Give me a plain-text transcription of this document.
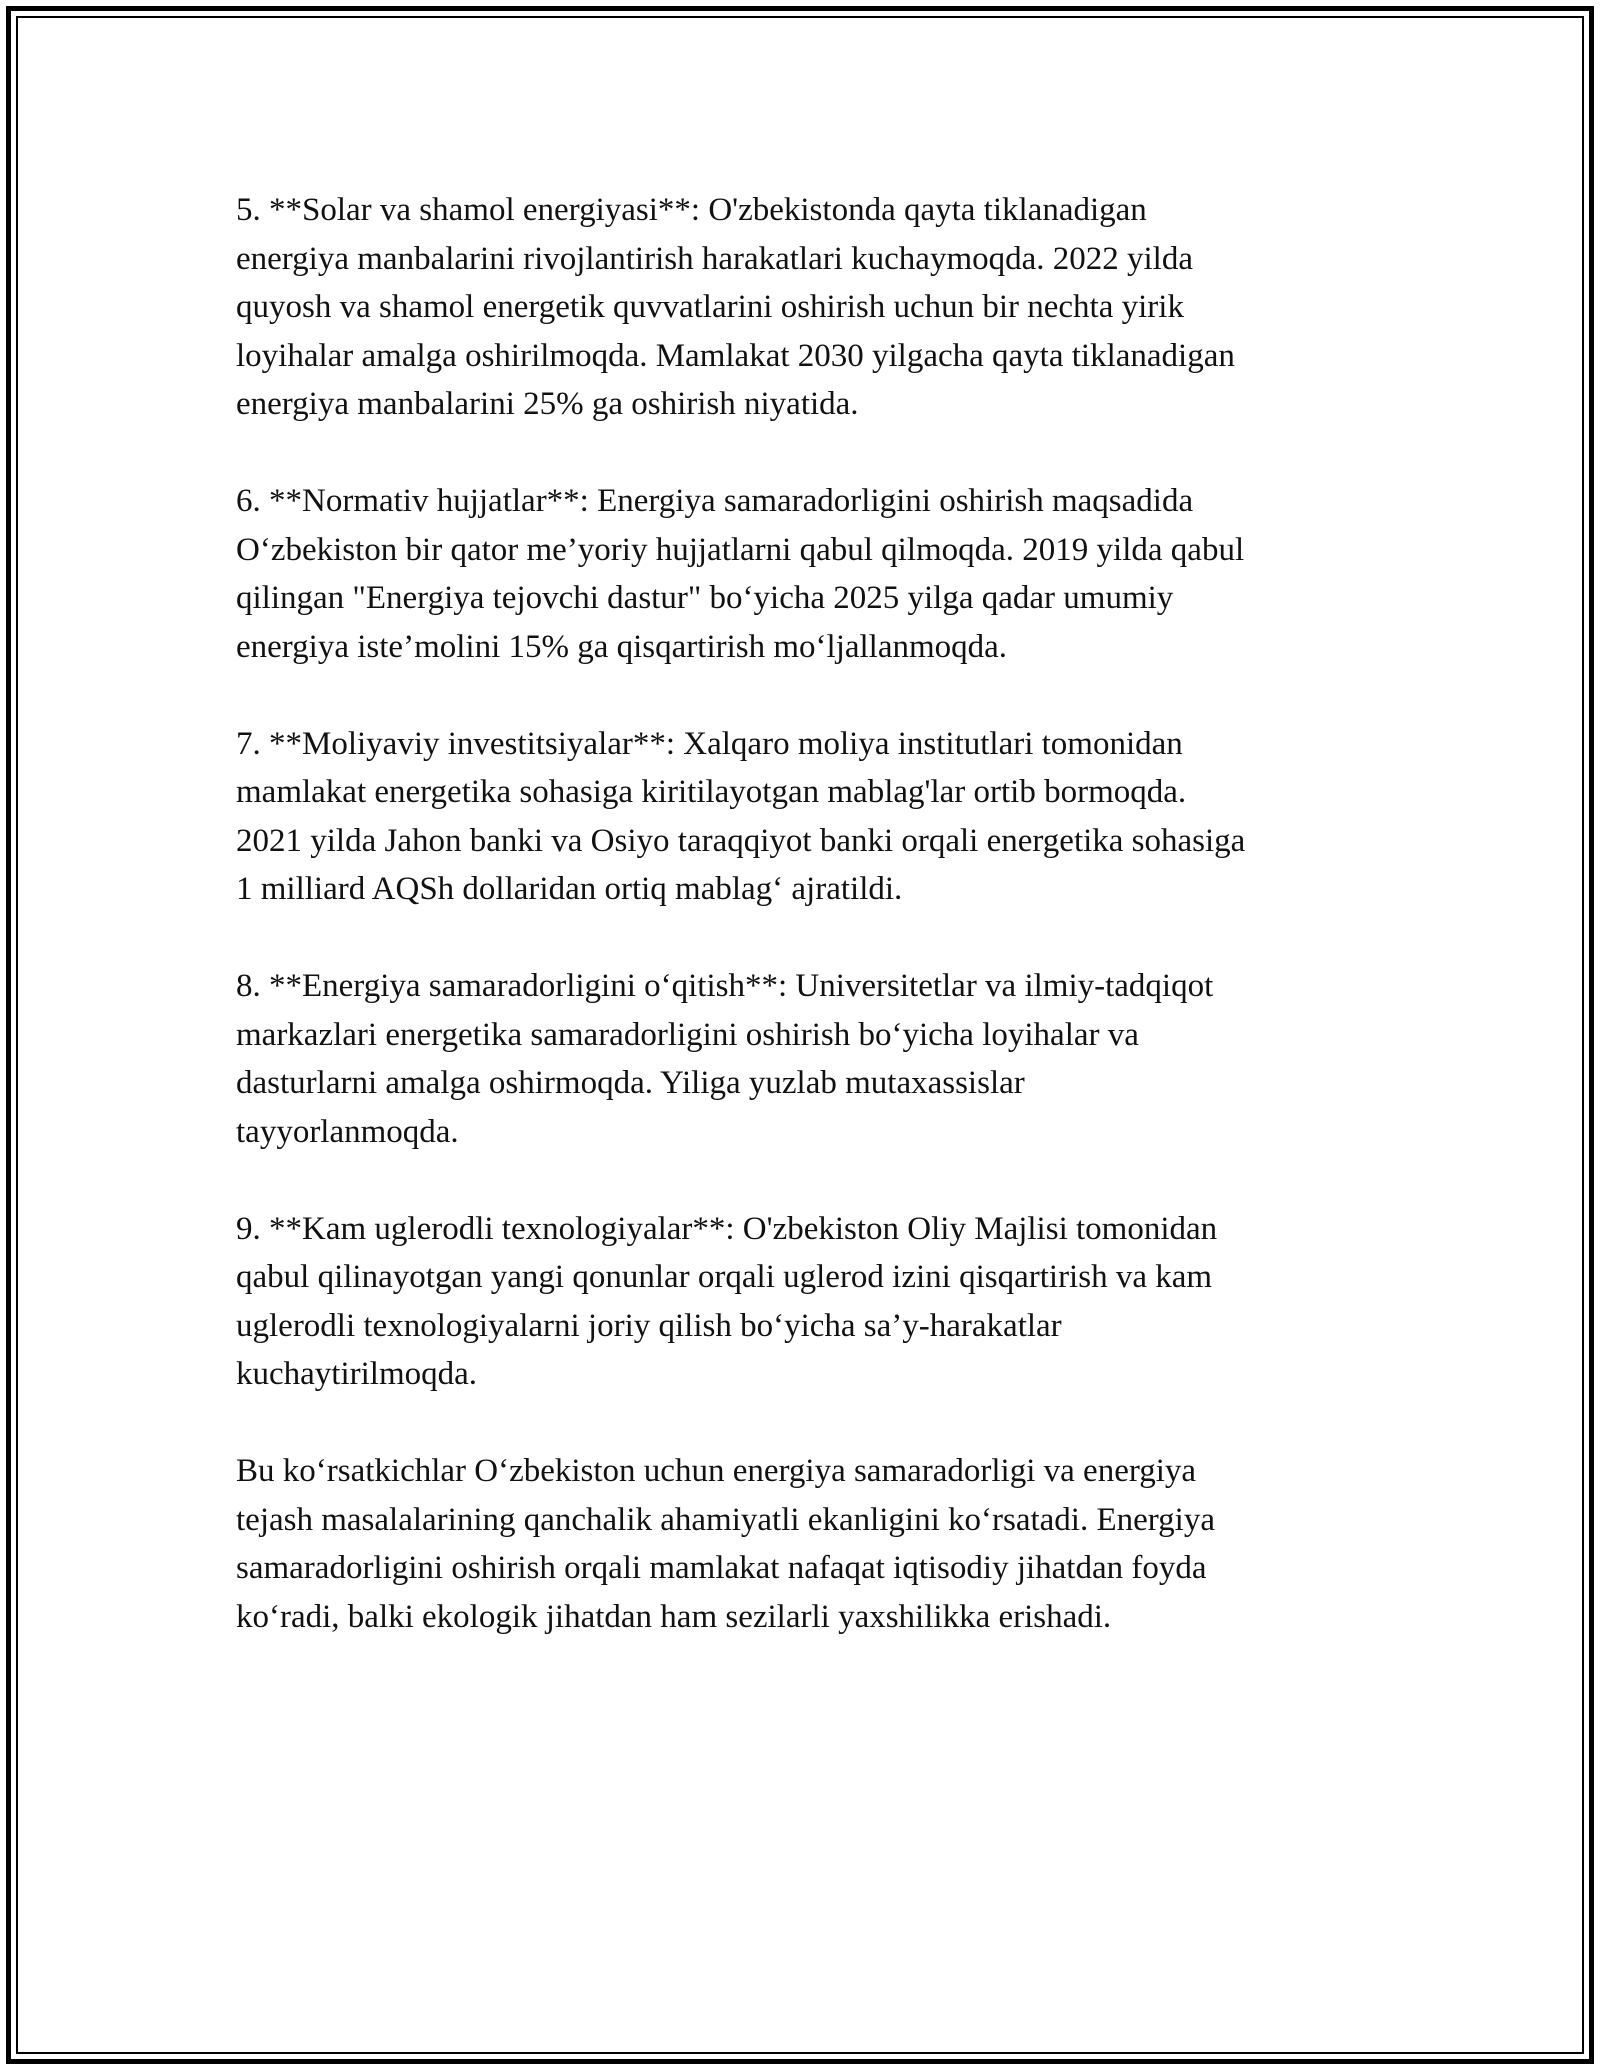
5. **Solar va shamol energiyasi**: O'zbekistonda qayta tiklanadigan
energiya manbalarini rivojlantirish harakatlari kuchaymoqda. 2022 yilda
quyosh va shamol energetik quvvatlarini oshirish uchun bir nechta yirik
loyihalar amalga oshirilmoqda. Mamlakat 2030 yilgacha qayta tiklanadigan
energiya manbalarini 25% ga oshirish niyatida.
6. **Normativ hujjatlar**: Energiya samaradorligini oshirish maqsadida
O‘zbekiston bir qator me’yoriy hujjatlarni qabul qilmoqda. 2019 yilda qabul
qilingan "Energiya tejovchi dastur" bo‘yicha 2025 yilga qadar umumiy
energiya iste’molini 15% ga qisqartirish mo‘ljallanmoqda.
7. **Moliyaviy investitsiyalar**: Xalqaro moliya institutlari tomonidan
mamlakat energetika sohasiga kiritilayotgan mablag'lar ortib bormoqda.
2021 yilda Jahon banki va Osiyo taraqqiyot banki orqali energetika sohasiga
1 milliard AQSh dollaridan ortiq mablag‘ ajratildi.
8. **Energiya samaradorligini o‘qitish**: Universitetlar va ilmiy-tadqiqot
markazlari energetika samaradorligini oshirish bo‘yicha loyihalar va
dasturlarni amalga oshirmoqda. Yiliga yuzlab mutaxassislar
tayyorlanmoqda.
9. **Kam uglerodli texnologiyalar**: O'zbekiston Oliy Majlisi tomonidan
qabul qilinayotgan yangi qonunlar orqali uglerod izini qisqartirish va kam
uglerodli texnologiyalarni joriy qilish bo‘yicha sa’y-harakatlar
kuchaytirilmoqda.
Bu ko‘rsatkichlar O‘zbekiston uchun energiya samaradorligi va energiya
tejash masalalarining qanchalik ahamiyatli ekanligini ko‘rsatadi. Energiya
samaradorligini oshirish orqali mamlakat nafaqat iqtisodiy jihatdan foyda
ko‘radi, balki ekologik jihatdan ham sezilarli yaxshilikka erishadi.
